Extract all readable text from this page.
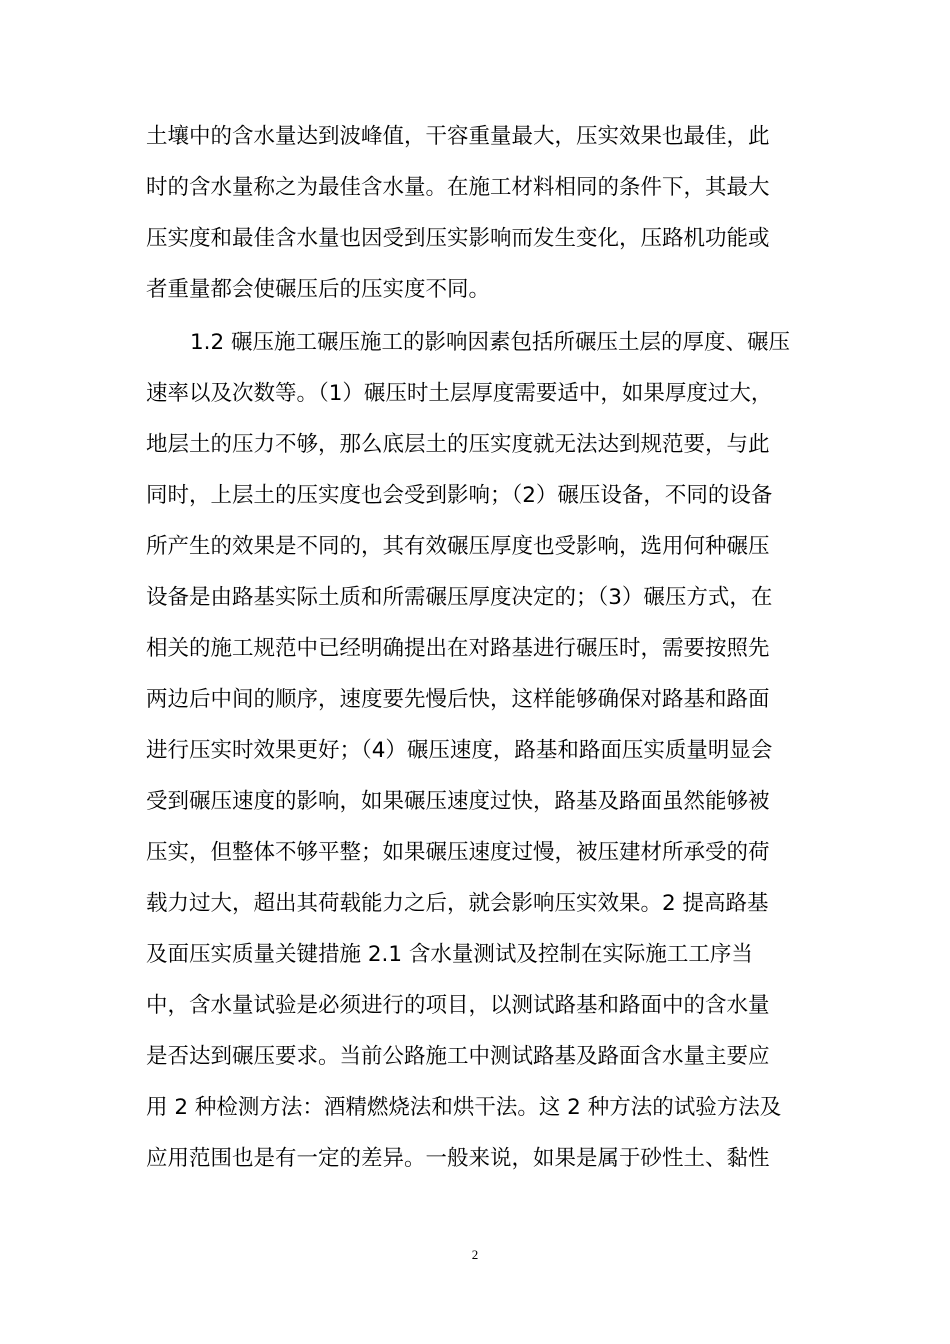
土壤中的含水量达到波峰值，干容重量最大，压实效果也最佳，此
时的含水量称之为最佳含水量。在施工材料相同的条件下，其最大
压实度和最佳含水量也因受到压实影响而发生变化，压路机功能或
者重量都会使碾压后的压实度不同。
1.2 碾压施工碾压施工的影响因素包括所碾压土层的厚度、碾压
速率以及次数等。（1）碾压时土层厚度需要适中，如果厚度过大，
地层土的压力不够，那么底层土的压实度就无法达到规范要，与此
同时，上层土的压实度也会受到影响；（2）碾压设备，不同的设备
所产生的效果是不同的，其有效碾压厚度也受影响，选用何种碾压
设备是由路基实际土质和所需碾压厚度决定的；（3）碾压方式，在
相关的施工规范中已经明确提出在对路基进行碾压时，需要按照先
两边后中间的顺序，速度要先慢后快，这样能够确保对路基和路面
进行压实时效果更好；（4）碾压速度，路基和路面压实质量明显会
受到碾压速度的影响，如果碾压速度过快，路基及路面虽然能够被
压实，但整体不够平整；如果碾压速度过慢，被压建材所承受的荷
载力过大，超出其荷载能力之后，就会影响压实效果。2 提高路基
及面压实质量关键措施 2.1 含水量测试及控制在实际施工工序当
中，含水量试验是必须进行的项目，以测试路基和路面中的含水量
是否达到碾压要求。当前公路施工中测试路基及路面含水量主要应
用 2 种检测方法：酒精燃烧法和烘干法。这 2 种方法的试验方法及
应用范围也是有一定的差异。一般来说，如果是属于砂性土、黏性
2
